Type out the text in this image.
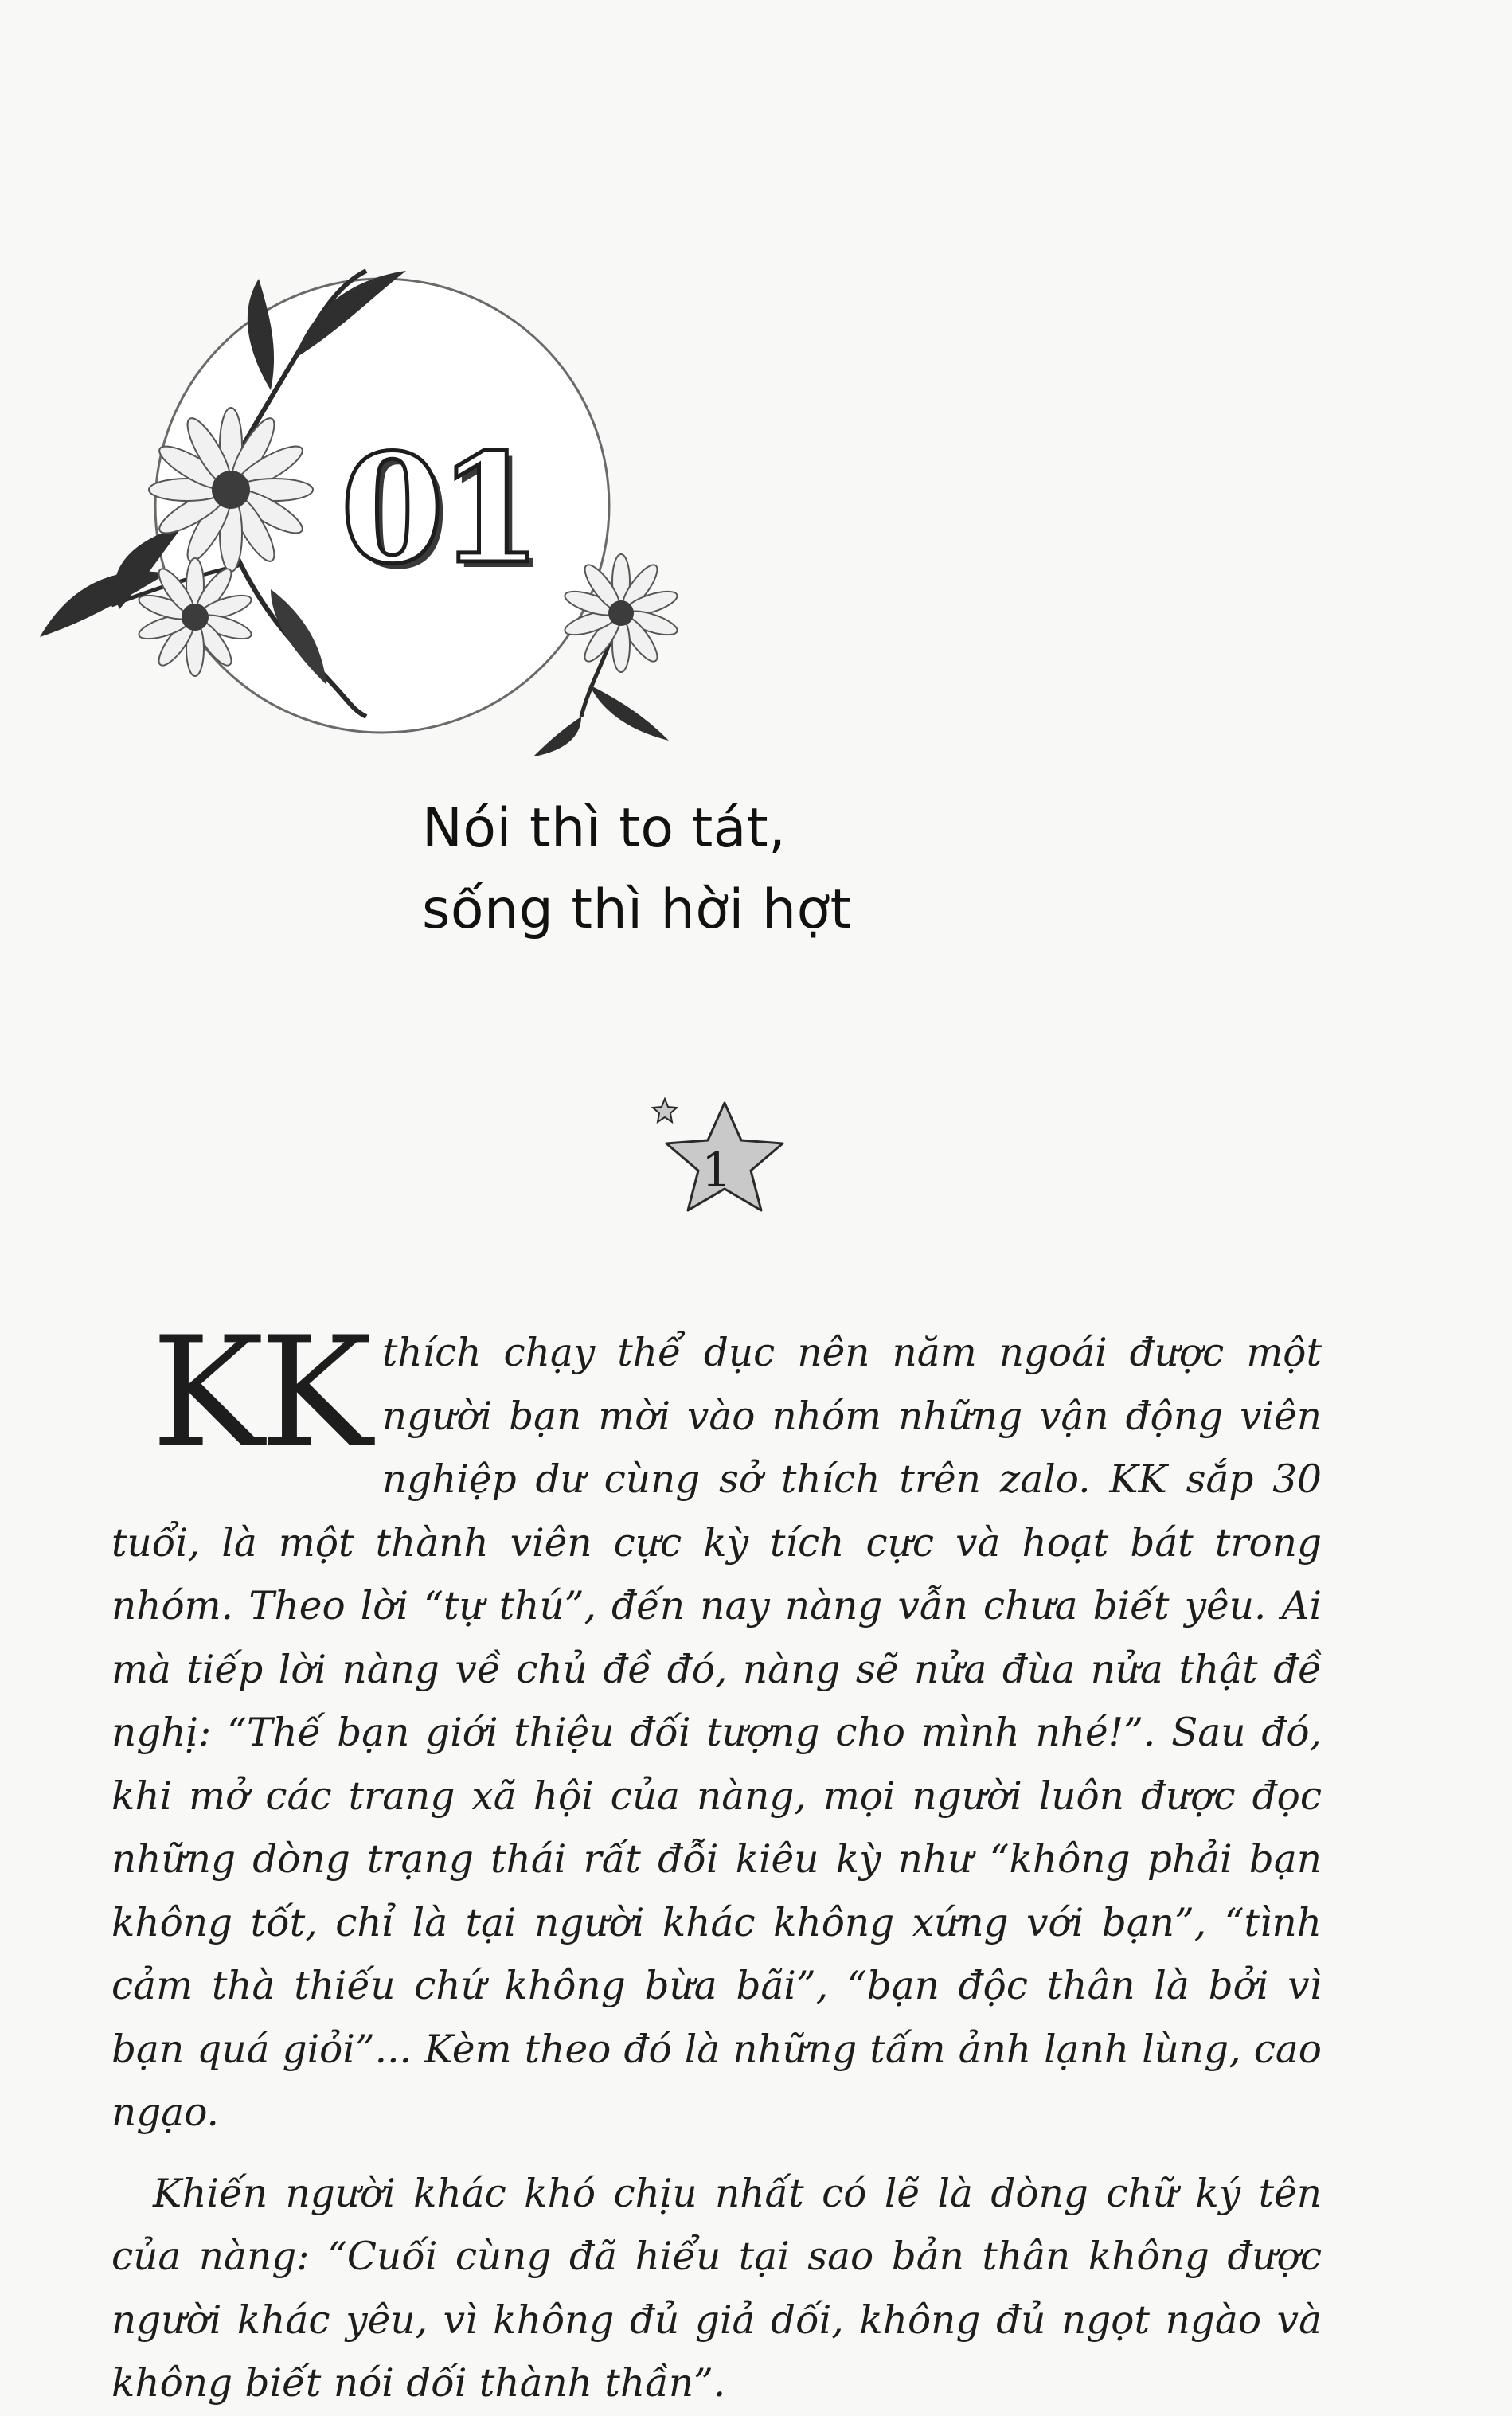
01
Nói thì to tát,
sống thì hời hợt
1

KK thích chạy thể dục nên năm ngoái được một người bạn mời vào nhóm những vận động viên nghiệp dư cùng sở thích trên zalo. KK sắp 30 tuổi, là một thành viên cực kỳ tích cực và hoạt bát trong nhóm. Theo lời “tự thú”, đến nay nàng vẫn chưa biết yêu. Ai mà tiếp lời nàng về chủ đề đó, nàng sẽ nửa đùa nửa thật đề nghị: “Thế bạn giới thiệu đối tượng cho mình nhé!”. Sau đó, khi mở các trang xã hội của nàng, mọi người luôn được đọc những dòng trạng thái rất đỗi kiêu kỳ như “không phải bạn không tốt, chỉ là tại người khác không xứng với bạn”, “tình cảm thà thiếu chứ không bừa bãi”, “bạn độc thân là bởi vì bạn quá giỏi”... Kèm theo đó là những tấm ảnh lạnh lùng, cao ngạo.

Khiến người khác khó chịu nhất có lẽ là dòng chữ ký tên của nàng: “Cuối cùng đã hiểu tại sao bản thân không được người khác yêu, vì không đủ giả dối, không đủ ngọt ngào và không biết nói dối thành thần”.
